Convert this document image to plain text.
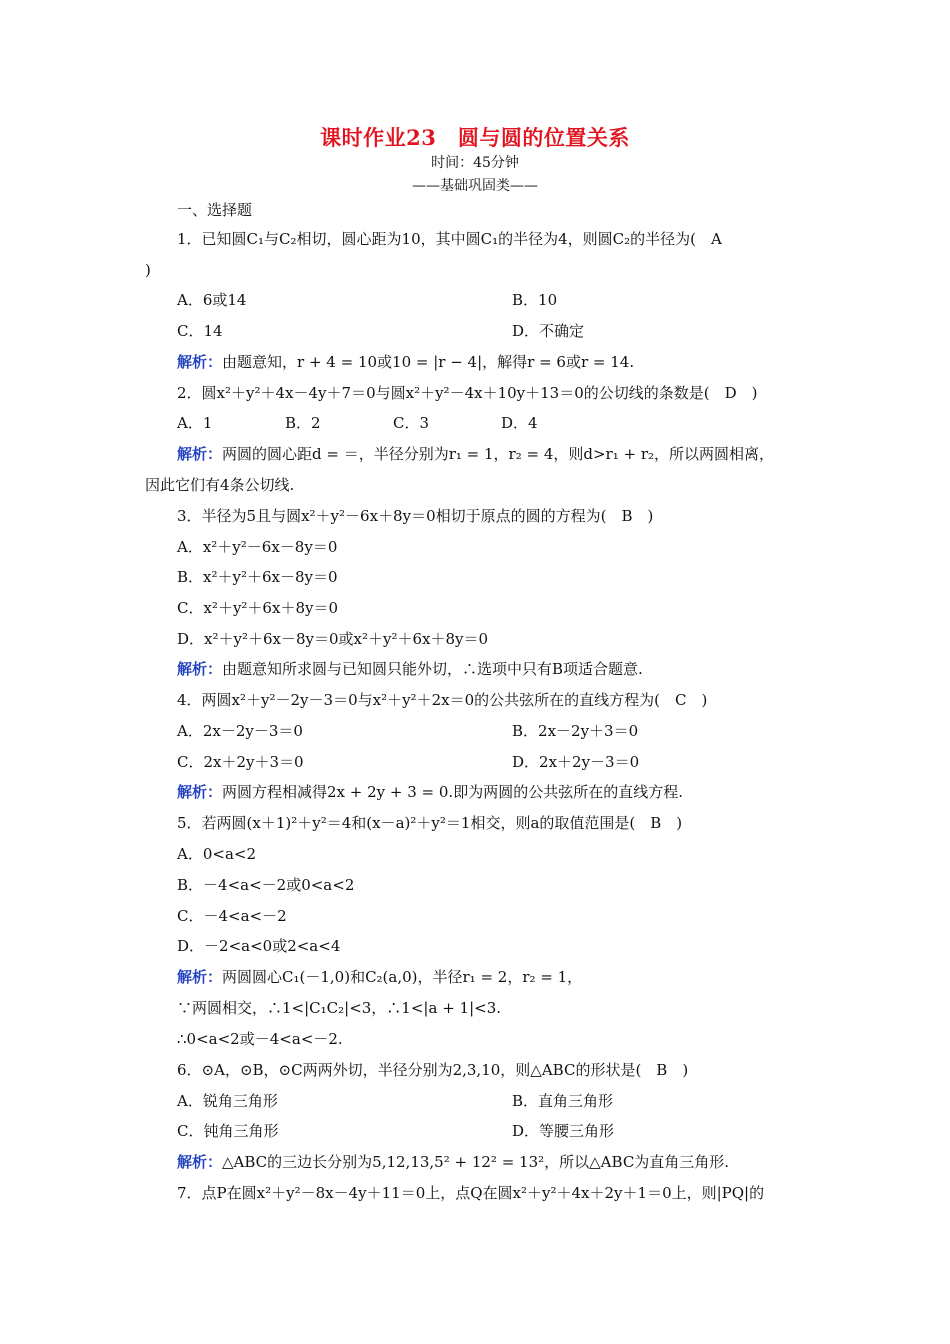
课时作业23　圆与圆的位置关系
时间：45分钟
——基础巩固类——
一、选择题
1．已知圆C₁与C₂相切，圆心距为10，其中圆C₁的半径为4，则圆C₂的半径为(　A
)
A．6或14	B．10
C．14	D．不确定
解析：由题意知，r + 4 = 10或10 = |r − 4|，解得r = 6或r = 14.
2．圆x²＋y²＋4x－4y＋7＝0与圆x²＋y²－4x＋10y＋13＝0的公切线的条数是(　D　)
A．1	B．2	C．3	D．4
解析：两圆的圆心距d = ＝，半径分别为r₁ = 1，r₂ = 4，则d>r₁ + r₂，所以两圆相离，
因此它们有4条公切线.
3．半径为5且与圆x²＋y²－6x＋8y＝0相切于原点的圆的方程为(　B　)
A．x²＋y²－6x－8y＝0
B．x²＋y²＋6x－8y＝0
C．x²＋y²＋6x＋8y＝0
D．x²＋y²＋6x－8y＝0或x²＋y²＋6x＋8y＝0
解析：由题意知所求圆与已知圆只能外切，∴选项中只有B项适合题意.
4．两圆x²＋y²－2y－3＝0与x²＋y²＋2x＝0的公共弦所在的直线方程为(　C　)
A．2x－2y－3＝0	B．2x－2y＋3＝0
C．2x＋2y＋3＝0	D．2x＋2y－3＝0
解析：两圆方程相减得2x + 2y + 3 = 0.即为两圆的公共弦所在的直线方程.
5．若两圆(x＋1)²＋y²＝4和(x－a)²＋y²＝1相交，则a的取值范围是(　B　)
A．0<a<2
B．－4<a<－2或0<a<2
C．－4<a<－2
D．－2<a<0或2<a<4
解析：两圆圆心C₁(－1,0)和C₂(a,0)，半径r₁ = 2，r₂ = 1，
∵两圆相交，∴1<|C₁C₂|<3，∴1<|a + 1|<3.
∴0<a<2或－4<a<－2.
6．⊙A，⊙B，⊙C两两外切，半径分别为2,3,10，则△ABC的形状是(　B　)
A．锐角三角形	B．直角三角形
C．钝角三角形	D．等腰三角形
解析：△ABC的三边长分别为5,12,13,5² + 12² = 13²，所以△ABC为直角三角形.
7．点P在圆x²＋y²－8x－4y＋11＝0上，点Q在圆x²＋y²＋4x＋2y＋1＝0上，则|PQ|的
